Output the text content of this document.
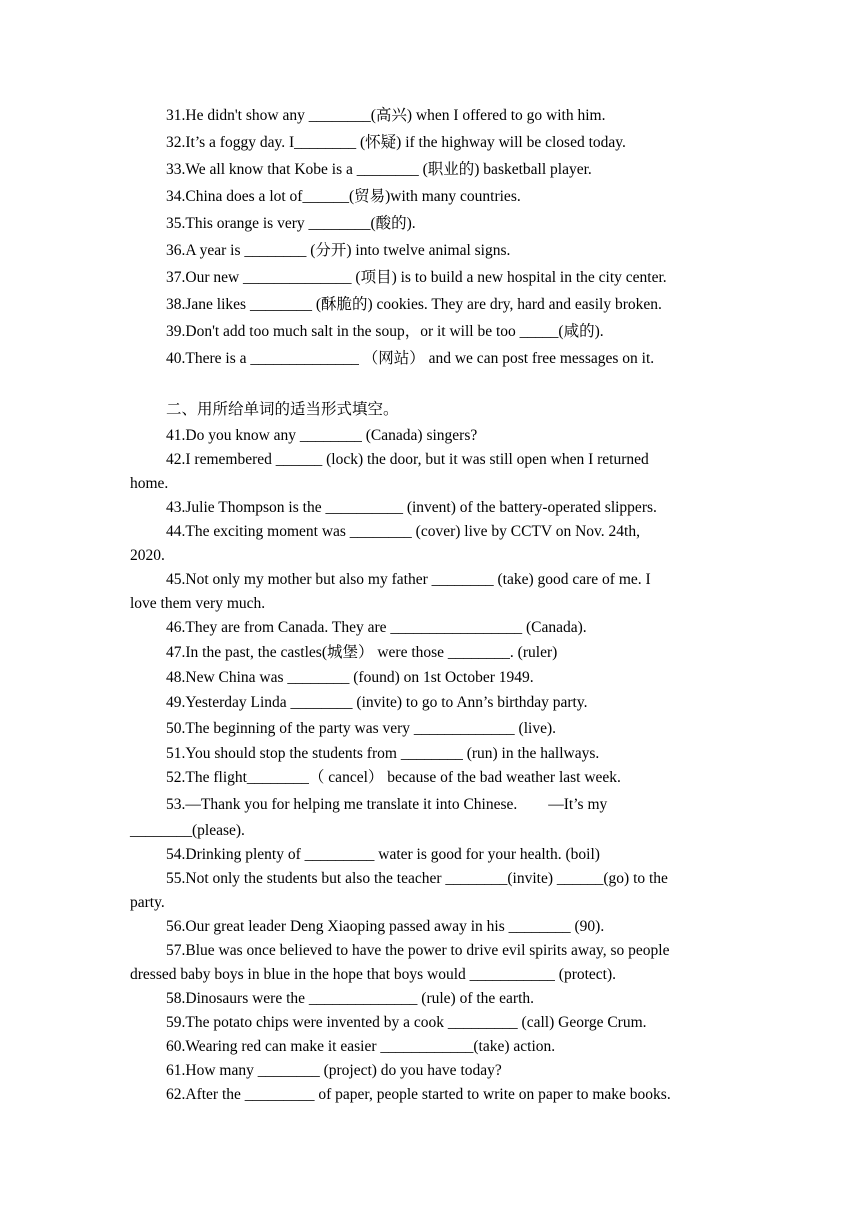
31.He didn't show any ________(高兴) when I offered to go with him.
32.It’s a foggy day. I________ (怀疑) if the highway will be closed today.
33.We all know that Kobe is a ________ (职业的) basketball player.
34.China does a lot of______(贸易)with many countries.
35.This orange is very ________(酸的).
36.A year is ________ (分开) into twelve animal signs.
37.Our new ______________ (项目) is to build a new hospital in the city center.
38.Jane likes ________ (酥脆的) cookies. They are dry, hard and easily broken.
39.Don't add too much salt in the soup，or it will be too _____(咸的).
40.There is a ______________ （网站） and we can post free messages on it.
二、用所给单词的适当形式填空。
41.Do you know any ________ (Canada) singers?
42.I remembered ______ (lock) the door, but it was still open when I returned
home.
43.Julie Thompson is the __________ (invent) of the battery-operated slippers.
44.The exciting moment was ________ (cover) live by CCTV on Nov. 24th,
2020.
45.Not only my mother but also my father ________ (take) good care of me. I
love them very much.
46.They are from Canada. They are _________________ (Canada).
47.In the past, the castles(城堡） were those ________. (ruler)
48.New China was ________ (found) on 1st October 1949.
49.Yesterday Linda ________ (invite) to go to Ann’s birthday party.
50.The beginning of the party was very _____________ (live).
51.You should stop the students from ________ (run) in the hallways.
52.The flight________（ cancel） because of the bad weather last week.
53.—Thank you for helping me translate it into Chinese.        —It’s my
________(please).
54.Drinking plenty of _________ water is good for your health. (boil)
55.Not only the students but also the teacher ________(invite) ______(go) to the
party.
56.Our great leader Deng Xiaoping passed away in his ________ (90).
57.Blue was once believed to have the power to drive evil spirits away, so people
dressed baby boys in blue in the hope that boys would ___________ (protect).
58.Dinosaurs were the ______________ (rule) of the earth.
59.The potato chips were invented by a cook _________ (call) George Crum.
60.Wearing red can make it easier ____________(take) action.
61.How many ________ (project) do you have today?
62.After the _________ of paper, people started to write on paper to make books.
